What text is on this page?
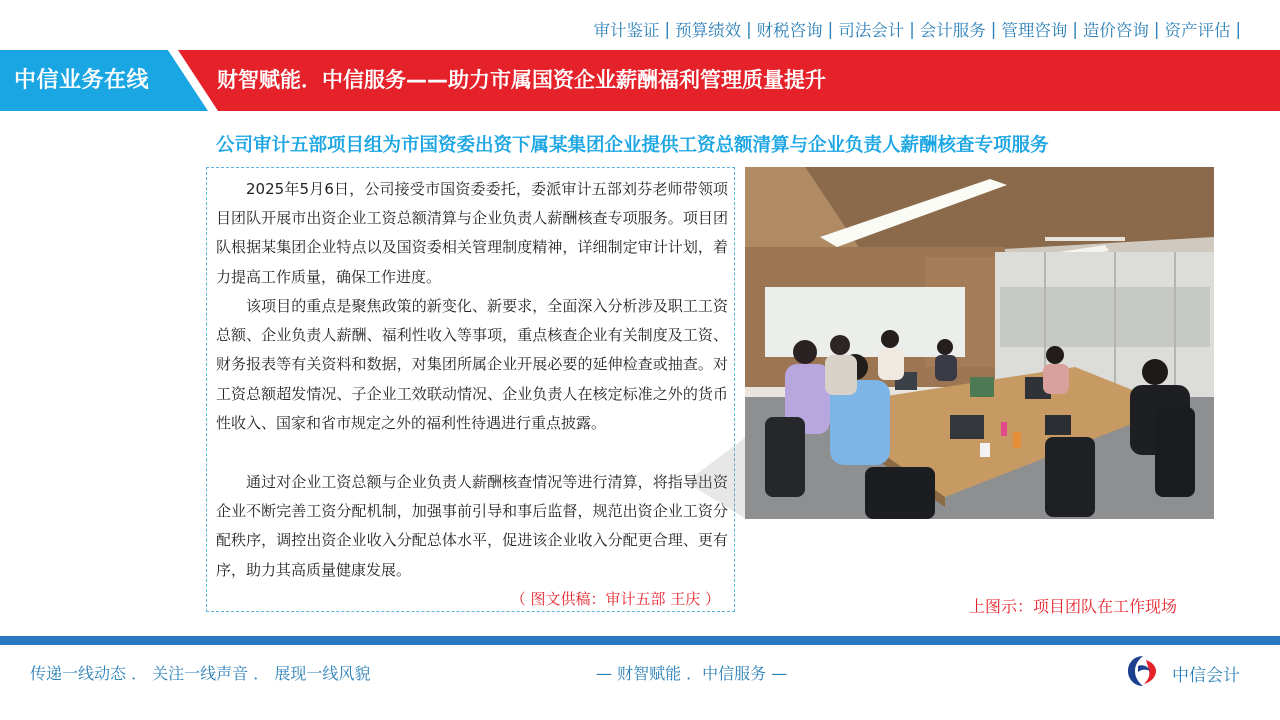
审计鉴证 | 预算绩效 | 财税咨询 | 司法会计 | 会计服务 | 管理咨询 | 造价咨询 | 资产评估 |
中信业务在线	财智赋能．中信服务——助力市属国资企业薪酬福利管理质量提升
公司审计五部项目组为市国资委出资下属某集团企业提供工资总额清算与企业负责人薪酬核查专项服务

2025年5月6日，公司接受市国资委委托，委派审计五部刘芬老师带领项目团队开展市出资企业工资总额清算与企业负责人薪酬核查专项服务。项目团队根据某集团企业特点以及国资委相关管理制度精神，详细制定审计计划，着力提高工作质量，确保工作进度。

该项目的重点是聚焦政策的新变化、新要求，全面深入分析涉及职工工资总额、企业负责人薪酬、福利性收入等事项，重点核查企业有关制度及工资、财务报表等有关资料和数据，对集团所属企业开展必要的延伸检查或抽查。对工资总额超发情况、子企业工效联动情况、企业负责人在核定标准之外的货币性收入、国家和省市规定之外的福利性待遇进行重点披露。

通过对企业工资总额与企业负责人薪酬核查情况等进行清算，将指导出资企业不断完善工资分配机制，加强事前引导和事后监督，规范出资企业工资分配秩序，调控出资企业收入分配总体水平，促进该企业收入分配更合理、更有序，助力其高质量健康发展。

（ 图文供稿：审计五部 王庆 ）	上图示：项目团队在工作现场
传递一线动态 ． 关注一线声音 ． 展现一线风貌	— 财智赋能 ．中信服务 —	中信会计
